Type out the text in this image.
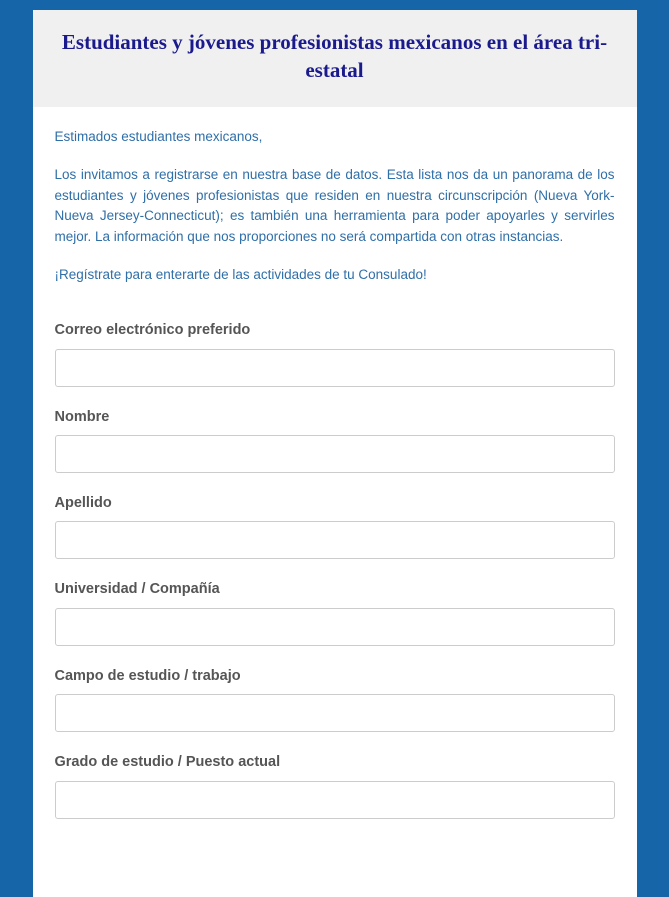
Estudiantes y jóvenes profesionistas mexicanos en el área tri-estatal

Estimados estudiantes mexicanos,

Los invitamos a registrarse en nuestra base de datos. Esta lista nos da un panorama de los estudiantes y jóvenes profesionistas que residen en nuestra circunscripción (Nueva York-Nueva Jersey-Connecticut); es también una herramienta para poder apoyarles y servirles mejor. La información que nos proporciones no será compartida con otras instancias.

¡Regístrate para enterarte de las actividades de tu Consulado!

Correo electrónico preferido
Nombre
Apellido
Universidad / Compañía
Campo de estudio / trabajo
Grado de estudio / Puesto actual
